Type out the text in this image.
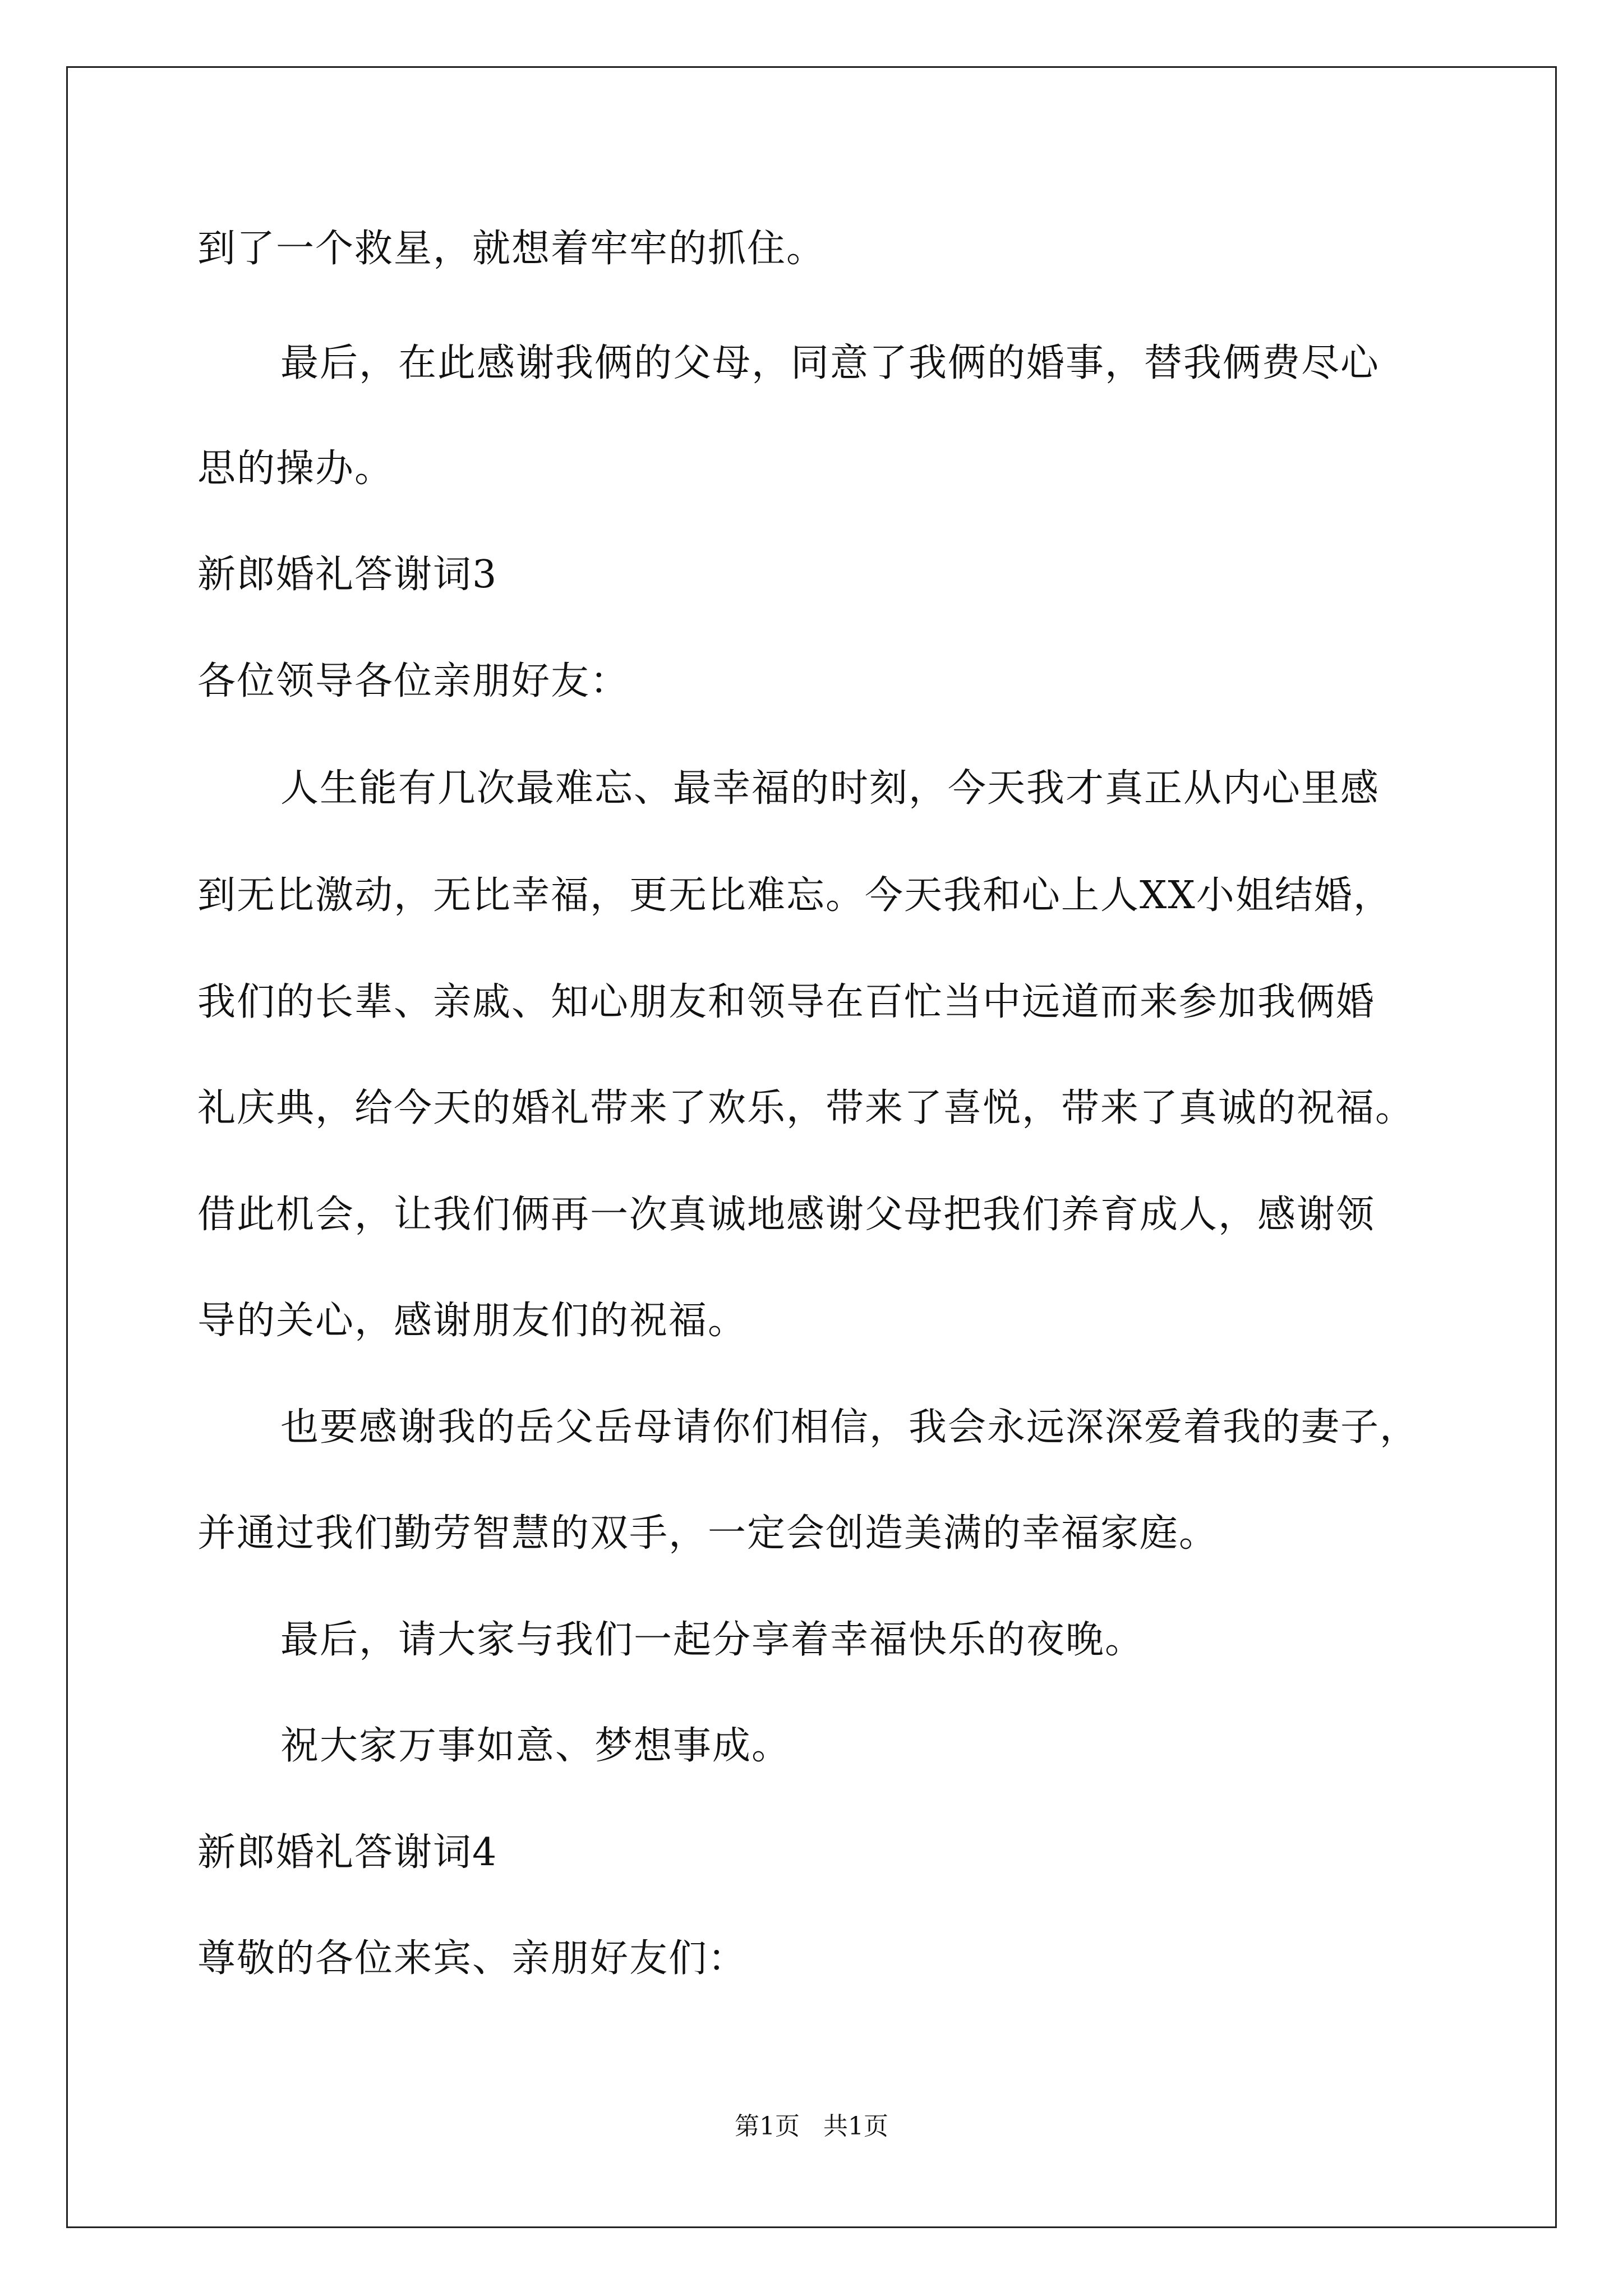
到了一个救星，就想着牢牢的抓住。
最后，在此感谢我俩的父母，同意了我俩的婚事，替我俩费尽心
思的操办。
新郎婚礼答谢词3
各位领导各位亲朋好友：
人生能有几次最难忘、最幸福的时刻，今天我才真正从内心里感
到无比激动，无比幸福，更无比难忘。今天我和心上人XX小姐结婚，
我们的长辈、亲戚、知心朋友和领导在百忙当中远道而来参加我俩婚
礼庆典，给今天的婚礼带来了欢乐，带来了喜悦，带来了真诚的祝福。
借此机会，让我们俩再一次真诚地感谢父母把我们养育成人，感谢领
导的关心，感谢朋友们的祝福。
也要感谢我的岳父岳母请你们相信，我会永远深深爱着我的妻子，
并通过我们勤劳智慧的双手，一定会创造美满的幸福家庭。
最后，请大家与我们一起分享着幸福快乐的夜晚。
祝大家万事如意、梦想事成。
新郎婚礼答谢词4
尊敬的各位来宾、亲朋好友们：
第1页   共1页
